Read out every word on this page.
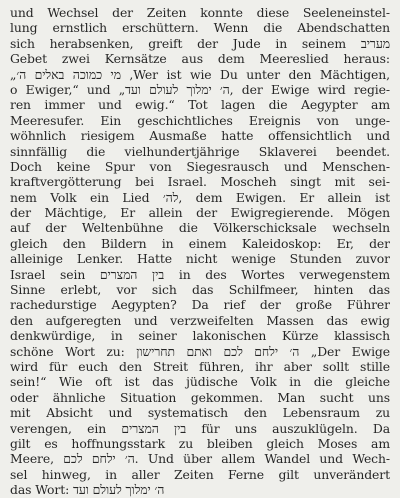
und Wechsel der Zeiten konnte diese Seeleneinstel-
lung ernstlich erschüttern. Wenn die Abendschatten
sich herabsenken, greift der Jude in seinem מעריב
Gebet zwei Kernsätze aus dem Meereslied heraus:
„מי כמוכה באלים ה׳ ,Wer ist wie Du unter den Mächtigen,
o Ewiger,“ und „ה׳ ימלוך לעולם ועד, der Ewige wird regie-
ren immer und ewig.“ Tot lagen die Aegypter am
Meeresufer. Ein geschichtliches Ereignis von unge-
wöhnlich riesigem Ausmaße hatte offensichtlich und
sinnfällig die vielhundertjährige Sklaverei beendet.
Doch keine Spur von Siegesrausch und Menschen-
kraftvergötterung bei Israel. Moscheh singt mit sei-
nem Volk ein Lied לה׳, dem Ewigen. Er allein ist
der Mächtige, Er allein der Ewigregierende. Mögen
auf der Weltenbühne die Völkerschicksale wechseln
gleich den Bildern in einem Kaleidoskop: Er, der
alleinige Lenker. Hatte nicht wenige Stunden zuvor
Israel sein בין המצרים in des Wortes verwegenstem
Sinne erlebt, vor sich das Schilfmeer, hinten das
rachedurstige Aegypten? Da rief der große Führer
den aufgeregten und verzweifelten Massen das ewig
denkwürdige, in seiner lakonischen Kürze klassisch
schöne Wort zu: ה׳ ילחם לכם ואתם תחרישון „Der Ewige
wird für euch den Streit führen, ihr aber sollt stille
sein!“ Wie oft ist das jüdische Volk in die gleiche
oder ähnliche Situation gekommen. Man sucht uns
mit Absicht und systematisch den Lebensraum zu
verengen, ein בין המצרים für uns auszuklügeln. Da
gilt es hoffnungsstark zu bleiben gleich Moses am
Meere, ה׳ ילחם לכם. Und über allem Wandel und Wech-
sel hinweg, in aller Zeiten Ferne gilt unverändert
das Wort: ה׳ ימלוך לעולם ועד
